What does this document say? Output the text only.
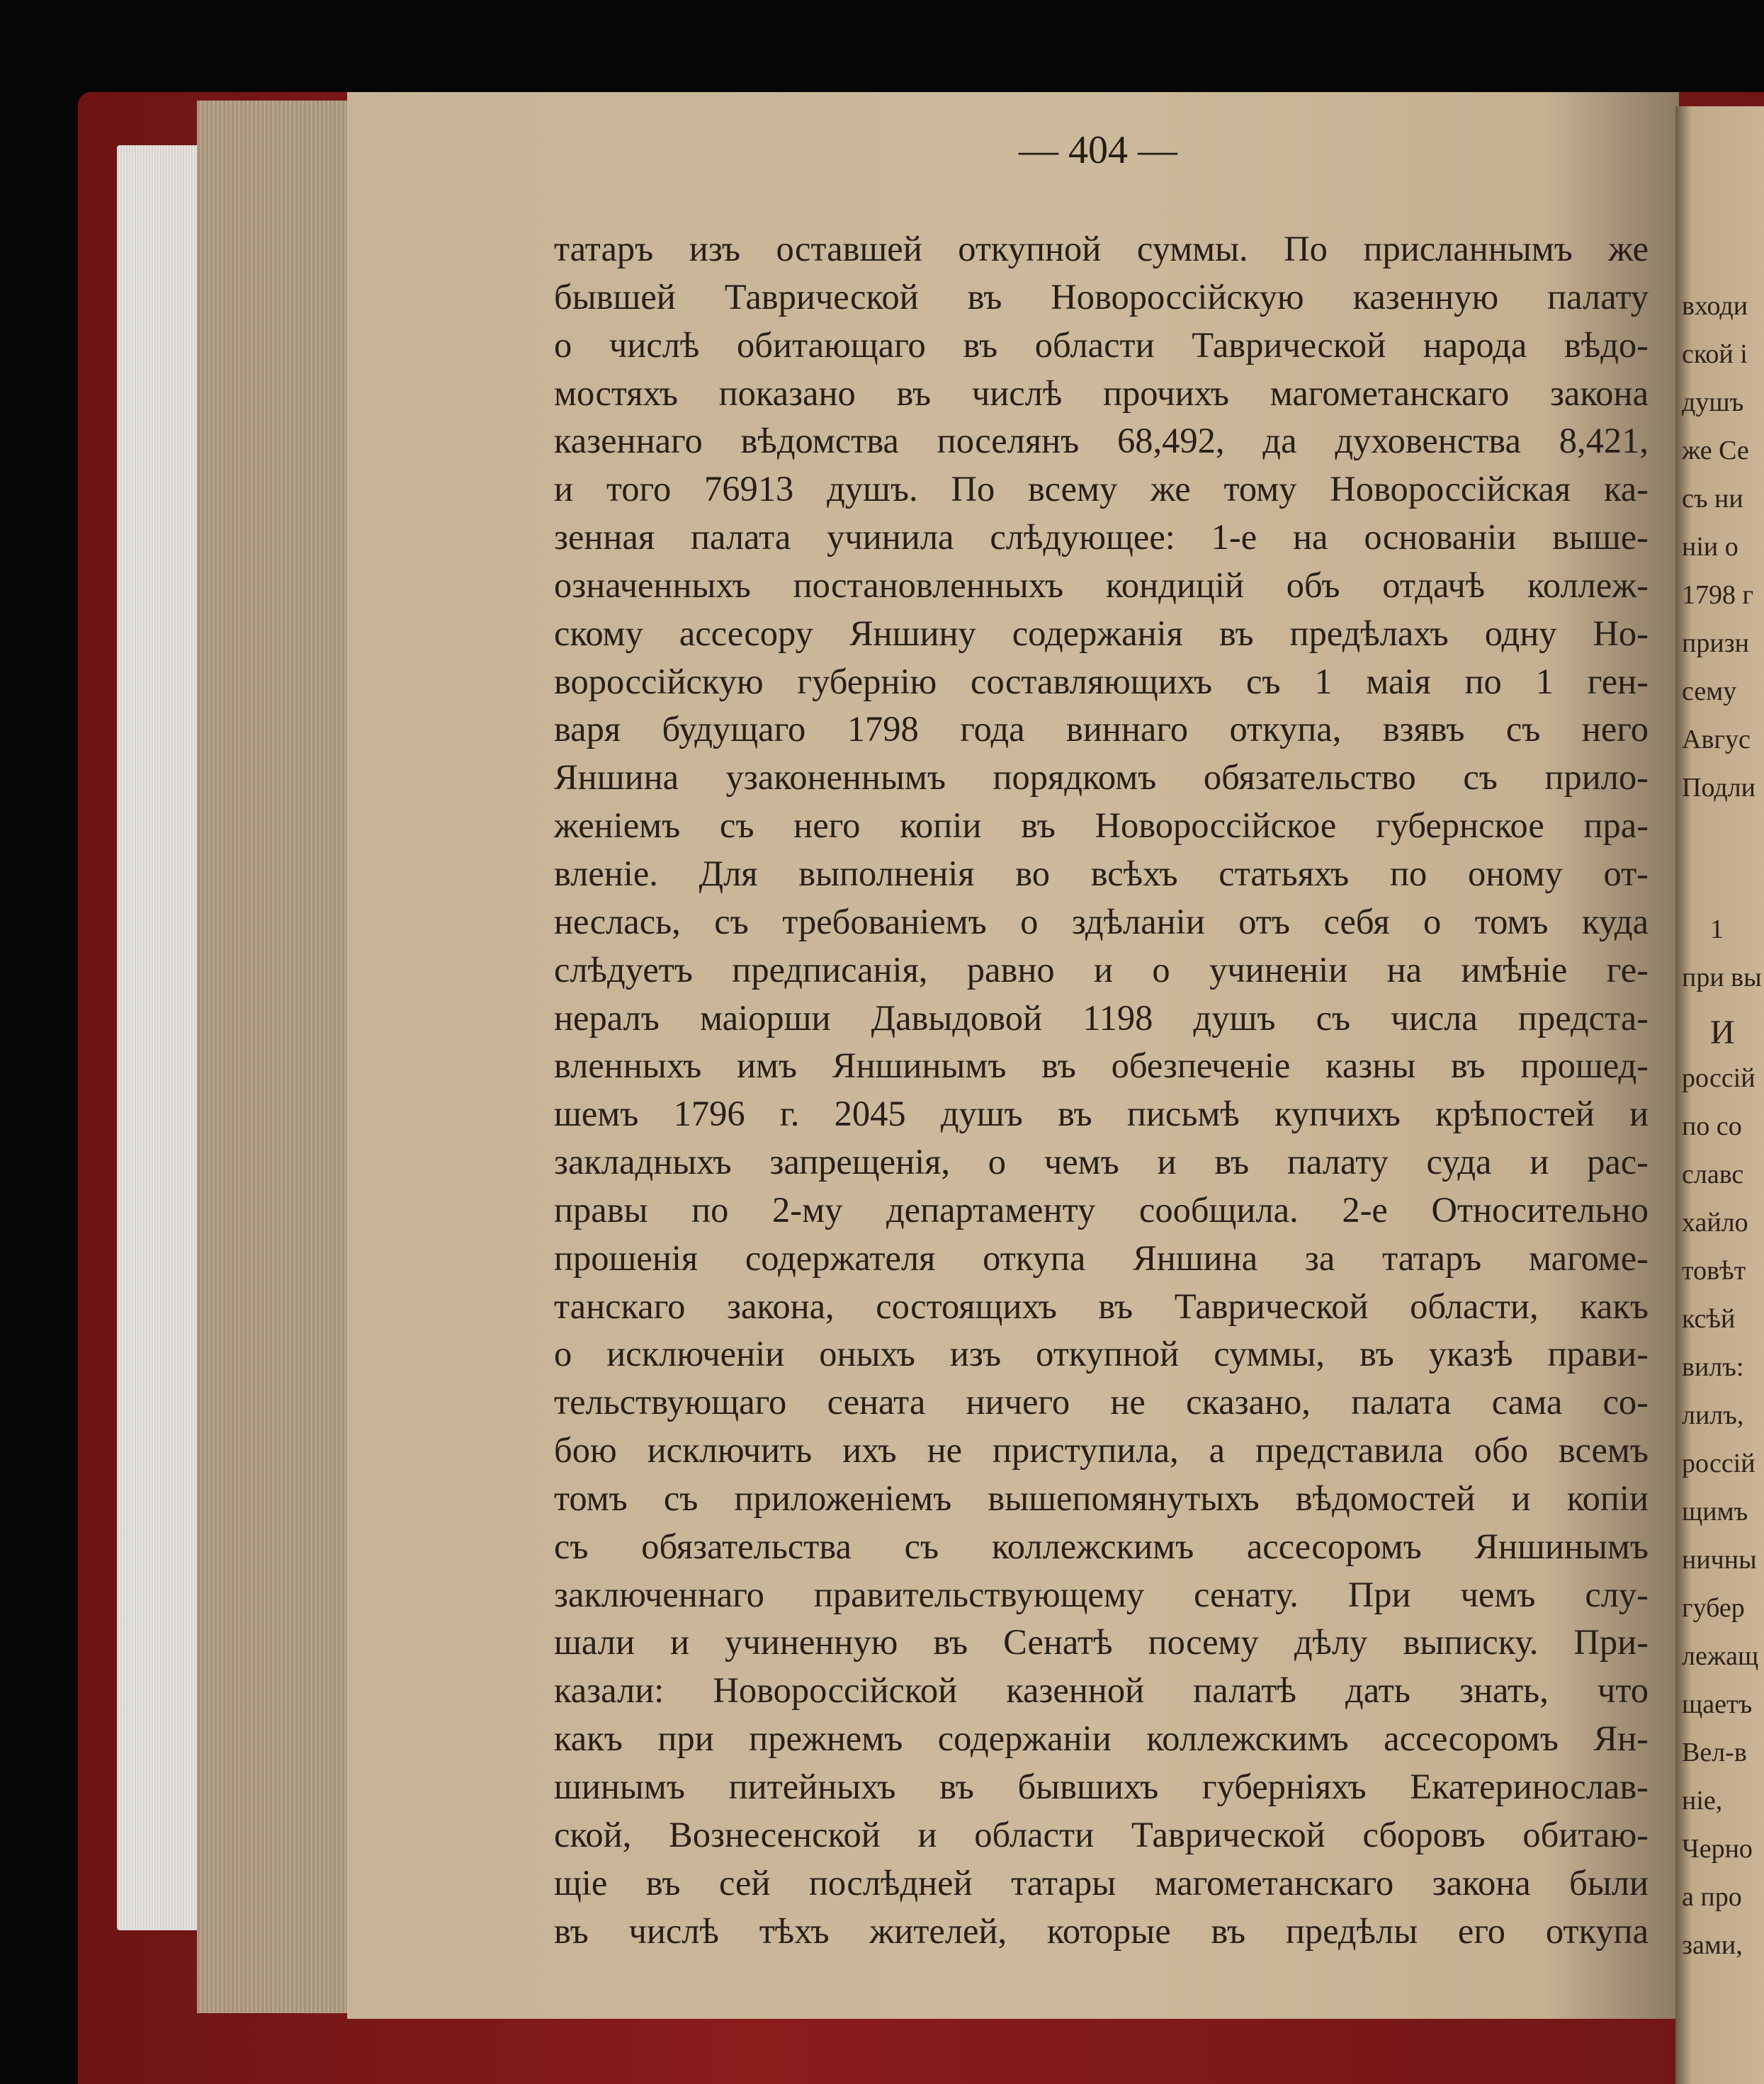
— 404 —
татаръ изъ оставшей откупной суммы. По присланнымъ же
бывшей Таврической въ Новороссійскую казенную палату
о числѣ обитающаго въ области Таврической народа вѣдо-
мостяхъ показано въ числѣ прочихъ магометанскаго закона
казеннаго вѣдомства поселянъ 68,492, да духовенства 8,421,
и того 76913 душъ. По всему же тому Новороссійская ка-
зенная палата учинила слѣдующее: 1-е на основаніи выше-
означенныхъ постановленныхъ кондицій объ отдачѣ коллеж-
скому ассесору Яншину содержанія въ предѣлахъ одну Но-
вороссійскую губернію составляющихъ съ 1 маія по 1 ген-
варя будущаго 1798 года виннаго откупа, взявъ съ него
Яншина узаконеннымъ порядкомъ обязательство съ прило-
женіемъ съ него копіи въ Новороссійское губернское пра-
вленіе. Для выполненія во всѣхъ статьяхъ по оному от-
неслась, съ требованіемъ о здѣланіи отъ себя о томъ куда
слѣдуетъ предписанія, равно и о учиненіи на имѣніе ге-
нералъ маіорши Давыдовой 1198 душъ съ числа предста-
вленныхъ имъ Яншинымъ въ обезпеченіе казны въ прошед-
шемъ 1796 г. 2045 душъ въ письмѣ купчихъ крѣпостей и
закладныхъ запрещенія, о чемъ и въ палату суда и рас-
правы по 2-му департаменту сообщила. 2-е Относительно
прошенія содержателя откупа Яншина за татаръ магоме-
танскаго закона, состоящихъ въ Таврической области, какъ
о исключеніи оныхъ изъ откупной суммы, въ указѣ прави-
тельствующаго сената ничего не сказано, палата сама со-
бою исключить ихъ не приступила, а представила обо всемъ
томъ съ приложеніемъ вышепомянутыхъ вѣдомостей и копіи
съ обязательства съ коллежскимъ ассесоромъ Яншинымъ
заключеннаго правительствующему сенату. При чемъ слу-
шали и учиненную въ Сенатѣ посему дѣлу выписку. При-
казали: Новороссійской казенной палатѣ дать знать, что
какъ при прежнемъ содержаніи коллежскимъ ассесоромъ Ян-
шинымъ питейныхъ въ бывшихъ губерніяхъ Екатеринослав-
ской, Вознесенской и области Таврической сборовъ обитаю-
щіе въ сей послѣдней татары магометанскаго закона были
въ числѣ тѣхъ жителей, которые въ предѣлы его откупа
входи
ской і
душъ
же Се
съ ни
ніи о
1798 г
призн
сему
Авгус
Подли
1
при вы
И
россій
по со
славс
хайло
товѣт
ксѣй
вилъ:
лилъ,
россій
щимъ
ничны
губер
лежащ
щаетъ
Вел-в
ніе,
Черно
а про
зами,
